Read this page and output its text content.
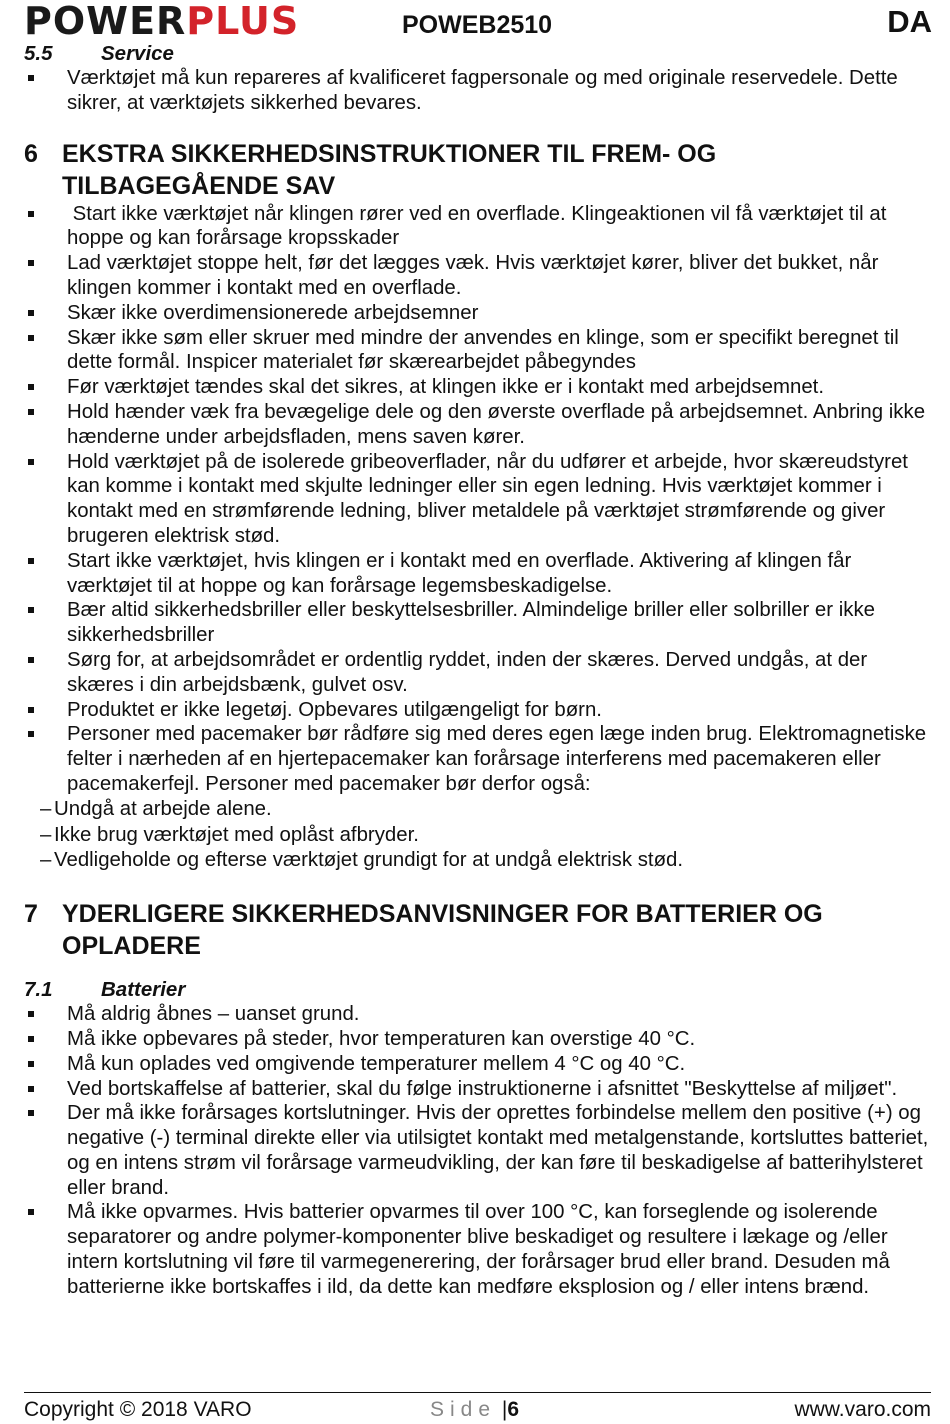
POWERPLUS	POWEB2510	DA
5.5	Service
Værktøjet må kun repareres af kvalificeret fagpersonale og med originale reservedele. Dette sikrer, at værktøjets sikkerhed bevares.
6 EKSTRA SIKKERHEDSINSTRUKTIONER TIL FREM- OG TILBAGEGÅENDE SAV
Start ikke værktøjet når klingen rører ved en overflade. Klingeaktionen vil få værktøjet til at hoppe og kan forårsage kropsskader
Lad værktøjet stoppe helt, før det lægges væk. Hvis værktøjet kører, bliver det bukket, når klingen kommer i kontakt med en overflade.
Skær ikke overdimensionerede arbejdsemner
Skær ikke søm eller skruer med mindre der anvendes en klinge, som er specifikt beregnet til dette formål. Inspicer materialet før skærearbejdet påbegyndes
Før værktøjet tændes skal det sikres, at klingen ikke er i kontakt med arbejdsemnet.
Hold hænder væk fra bevægelige dele og den øverste overflade på arbejdsemnet. Anbring ikke hænderne under arbejdsfladen, mens saven kører.
Hold værktøjet på de isolerede gribeoverflader, når du udfører et arbejde, hvor skæreudstyret kan komme i kontakt med skjulte ledninger eller sin egen ledning. Hvis værktøjet kommer i kontakt med en strømførende ledning, bliver metaldele på værktøjet strømførende og giver brugeren elektrisk stød.
Start ikke værktøjet, hvis klingen er i kontakt med en overflade. Aktivering af klingen får værktøjet til at hoppe og kan forårsage legemsbeskadigelse.
Bær altid sikkerhedsbriller eller beskyttelsesbriller. Almindelige briller eller solbriller er ikke sikkerhedsbriller
Sørg for, at arbejdsområdet er ordentlig ryddet, inden der skæres. Derved undgås, at der skæres i din arbejdsbænk, gulvet osv.
Produktet er ikke legetøj. Opbevares utilgængeligt for børn.
Personer med pacemaker bør rådføre sig med deres egen læge inden brug. Elektromagnetiske felter i nærheden af en hjertepacemaker kan forårsage interferens med pacemakeren eller pacemakerfejl. Personer med pacemaker bør derfor også:
– Undgå at arbejde alene.
– Ikke brug værktøjet med oplåst afbryder.
– Vedligeholde og efterse værktøjet grundigt for at undgå elektrisk stød.
7 YDERLIGERE SIKKERHEDSANVISNINGER FOR BATTERIER OG OPLADERE
7.1	Batterier
Må aldrig åbnes – uanset grund.
Må ikke opbevares på steder, hvor temperaturen kan overstige 40 °C.
Må kun oplades ved omgivende temperaturer mellem 4 °C og 40 °C.
Ved bortskaffelse af batterier, skal du følge instruktionerne i afsnittet "Beskyttelse af miljøet".
Der må ikke forårsages kortslutninger. Hvis der oprettes forbindelse mellem den positive (+) og negative (-) terminal direkte eller via utilsigtet kontakt med metalgenstande, kortsluttes batteriet, og en intens strøm vil forårsage varmeudvikling, der kan føre til beskadigelse af batterihylsteret eller brand.
Må ikke opvarmes. Hvis batterier opvarmes til over 100 °C, kan forseglende og isolerende separatorer og andre polymer-komponenter blive beskadiget og resultere i lækage og /eller intern kortslutning vil føre til varmegenerering, der forårsager brud eller brand. Desuden må batterierne ikke bortskaffes i ild, da dette kan medføre eksplosion og / eller intens brænd.
Copyright © 2018 VARO	Side |6	www.varo.com
